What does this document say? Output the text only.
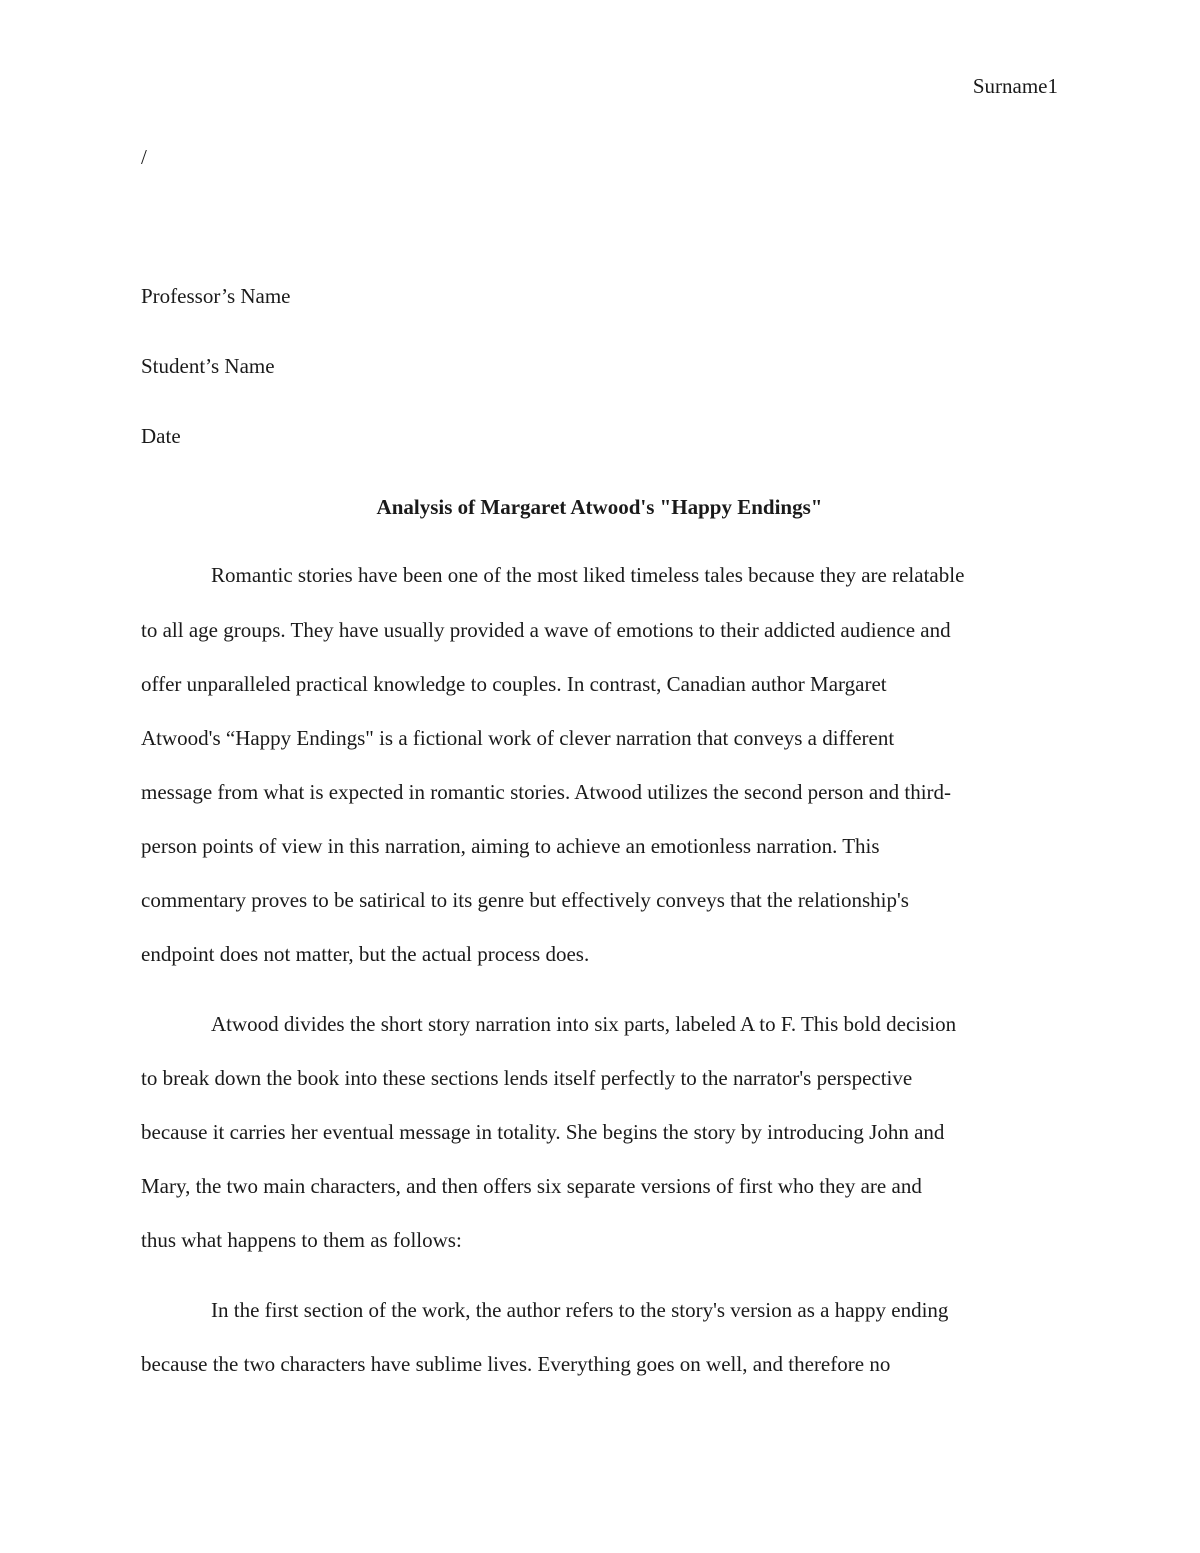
Surname1
/
Professor’s Name
Student’s Name
Date
Analysis of Margaret Atwood's "Happy Endings"
Romantic stories have been one of the most liked timeless tales because they are relatable
to all age groups. They have usually provided a wave of emotions to their addicted audience and
offer unparalleled practical knowledge to couples. In contrast, Canadian author Margaret
Atwood's “Happy Endings" is a fictional work of clever narration that conveys a different
message from what is expected in romantic stories. Atwood utilizes the second person and third-
person points of view in this narration, aiming to achieve an emotionless narration. This
commentary proves to be satirical to its genre but effectively conveys that the relationship's
endpoint does not matter, but the actual process does.
Atwood divides the short story narration into six parts, labeled A to F. This bold decision
to break down the book into these sections lends itself perfectly to the narrator's perspective
because it carries her eventual message in totality. She begins the story by introducing John and
Mary, the two main characters, and then offers six separate versions of first who they are and
thus what happens to them as follows:
In the first section of the work, the author refers to the story's version as a happy ending
because the two characters have sublime lives. Everything goes on well, and therefore no
